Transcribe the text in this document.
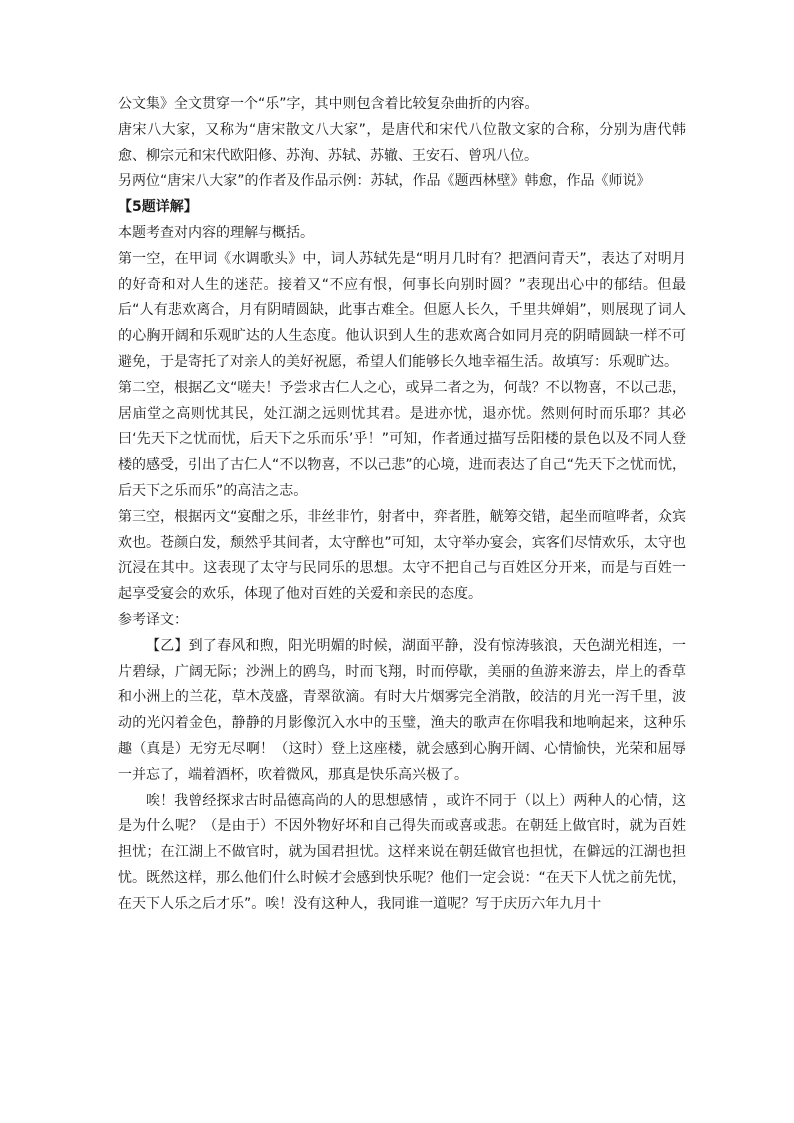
公文集》全文贯穿一个“乐”字，其中则包含着比较复杂曲折的内容。

唐宋八大家，又称为“唐宋散文八大家”，是唐代和宋代八位散文家的合称，分别为唐代韩愈、柳宗元和宋代欧阳修、苏洵、苏轼、苏辙、王安石、曾巩八位。

另两位“唐宋八大家”的作者及作品示例：苏轼，作品《题西林壁》韩愈，作品《师说》

【5题详解】

本题考查对内容的理解与概括。

第一空，在甲词《水调歌头》中，词人苏轼先是“明月几时有？把酒问青天”，表达了对明月的好奇和对人生的迷茫。接着又“不应有恨，何事长向别时圆？”表现出心中的郁结。但最后“人有悲欢离合，月有阴晴圆缺，此事古难全。但愿人长久，千里共婵娟”，则展现了词人的心胸开阔和乐观旷达的人生态度。他认识到人生的悲欢离合如同月亮的阴晴圆缺一样不可避免，于是寄托了对亲人的美好祝愿，希望人们能够长久地幸福生活。故填写：乐观旷达。

第二空，根据乙文“嗟夫！予尝求古仁人之心，或异二者之为，何哉？不以物喜，不以己悲，居庙堂之高则忧其民，处江湖之远则忧其君。是进亦忧，退亦忧。然则何时而乐耶？其必曰‘先天下之忧而忧，后天下之乐而乐’乎！”可知，作者通过描写岳阳楼的景色以及不同人登楼的感受，引出了古仁人“不以物喜，不以己悲”的心境，进而表达了自己“先天下之忧而忧，后天下之乐而乐”的高洁之志。

第三空，根据丙文“宴酣之乐，非丝非竹，射者中，弈者胜，觥筹交错，起坐而喧哗者，众宾欢也。苍颜白发，颓然乎其间者，太守醉也”可知，太守举办宴会，宾客们尽情欢乐，太守也沉浸在其中。这表现了太守与民同乐的思想。太守不把自己与百姓区分开来，而是与百姓一起享受宴会的欢乐，体现了他对百姓的关爱和亲民的态度。

参考译文：

【乙】到了春风和煦，阳光明媚的时候，湖面平静，没有惊涛骇浪，天色湖光相连，一片碧绿，广阔无际；沙洲上的鸥鸟，时而飞翔，时而停歇，美丽的鱼游来游去，岸上的香草和小洲上的兰花，草木茂盛，青翠欲滴。有时大片烟雾完全消散，皎洁的月光一泻千里，波动的光闪着金色，静静的月影像沉入水中的玉璧，渔夫的歌声在你唱我和地响起来，这种乐趣（真是）无穷无尽啊！（这时）登上这座楼，就会感到心胸开阔、心情愉快，光荣和屈辱一并忘了，端着酒杯，吹着微风，那真是快乐高兴极了。

唉！我曾经探求古时品德高尚的人的思想感情 ，或许不同于（以上）两种人的心情，这是为什么呢？（是由于）不因外物好坏和自己得失而或喜或悲。在朝廷上做官时，就为百姓担忧；在江湖上不做官时，就为国君担忧。这样来说在朝廷做官也担忧，在僻远的江湖也担忧。既然这样，那么他们什么时候才会感到快乐呢？他们一定会说：“在天下人忧之前先忧，在天下人乐之后才乐”。唉！没有这种人，我同谁一道呢？写于庆历六年九月十
